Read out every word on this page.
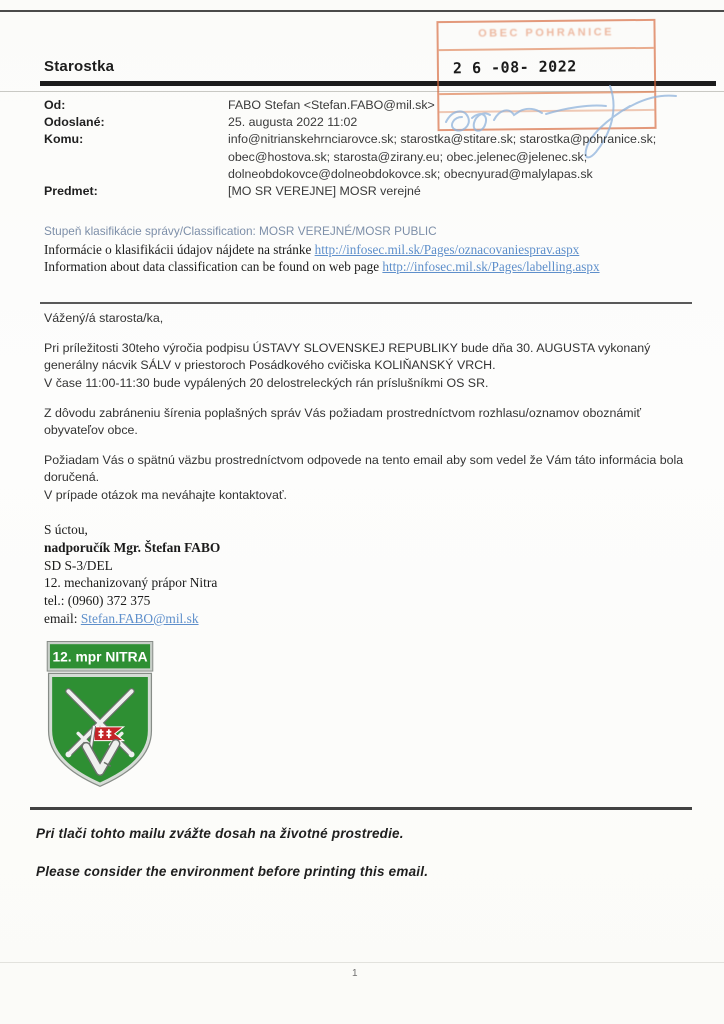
Starostka
OBEC POHRANICE
2 6 -08- 2022
Od:	FABO Stefan <Stefan.FABO@mil.sk>
Odoslané:	25. augusta 2022 11:02
Komu:	info@nitrianskehrnciarovce.sk; starostka@stitare.sk; starostka@pohranice.sk;
obec@hostova.sk; starosta@zirany.eu; obec.jelenec@jelenec.sk;
dolneobdokovce@dolneobdokovce.sk; obecnyurad@malylapas.sk
Predmet:	[MO SR VEREJNE] MOSR verejné
Stupeň klasifikácie správy/Classification: MOSR VEREJNÉ/MOSR PUBLIC
Informácie o klasifikácii údajov nájdete na stránke http://infosec.mil.sk/Pages/oznacovaniesprav.aspx
Information about data classification can be found on web page http://infosec.mil.sk/Pages/labelling.aspx

Vážený/á starosta/ka,

Pri príležitosti 30teho výročia podpisu ÚSTAVY SLOVENSKEJ REPUBLIKY bude dňa 30. AUGUSTA vykonaný generálny nácvik SÁLV v priestoroch Posádkového cvičiska KOLIŇANSKÝ VRCH.

V čase 11:00-11:30 bude vypálených 20 delostreleckých rán príslušníkmi OS SR.

Z dôvodu zabráneniu šírenia poplašných správ Vás požiadam prostredníctvom rozhlasu/oznamov oboznámiť obyvateľov obce.

Požiadam Vás o spätnú väzbu prostredníctvom odpovede na tento email aby som vedel že Vám táto informácia bola doručená.

V prípade otázok ma neváhajte kontaktovať.

S úctou,
nadporučík Mgr. Štefan FABO
SD S-3/DEL
12. mechanizovaný prápor Nitra
tel.: (0960) 372 375
email: Stefan.FABO@mil.sk
12. mpr NITRA
Pri tlači tohto mailu zvážte dosah na životné prostredie.
Please consider the environment before printing this email.
1
